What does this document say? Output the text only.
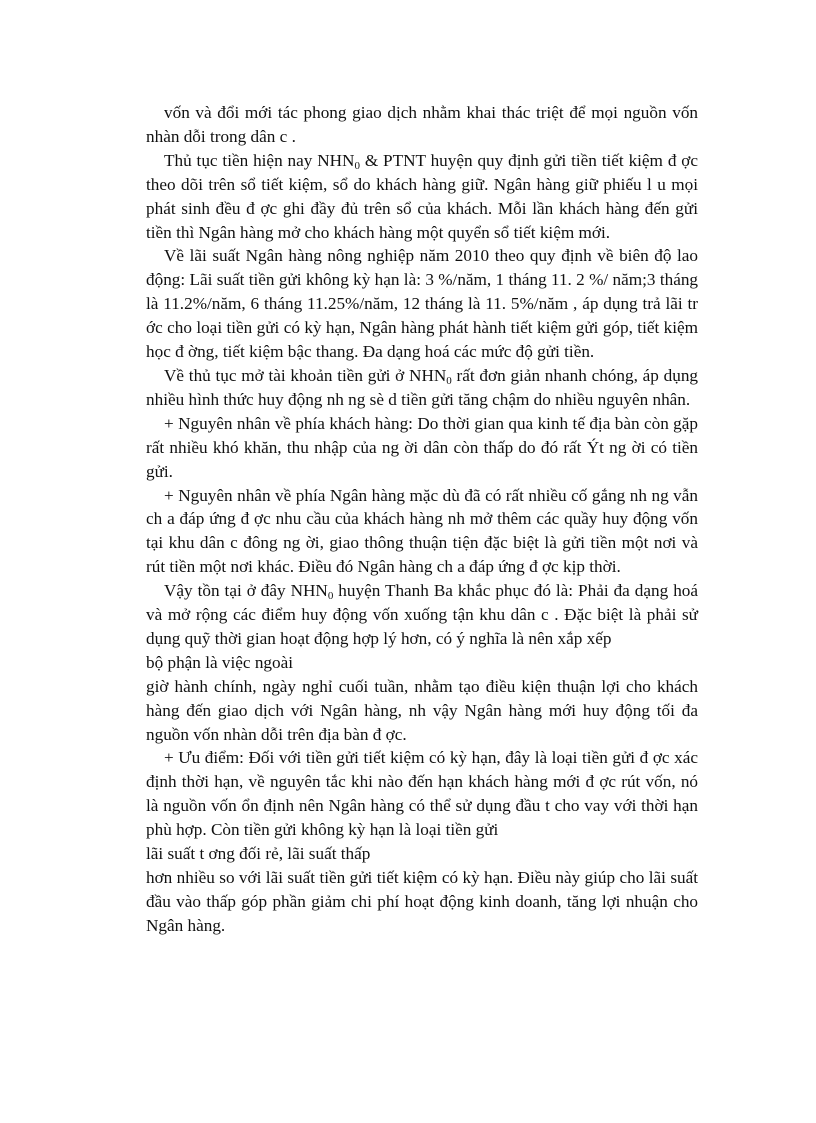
vốn và đổi mới tác phong giao dịch nhằm khai thác triệt để mọi nguồn vốn nhàn dỗi trong dân c .

Thủ tục tiền hiện nay $NHN_0$ & PTNT huyện quy định gửi tiền tiết kiệm đ ợc theo dõi trên sổ tiết kiệm, sổ do khách hàng giữ. Ngân hàng giữ phiếu l u mọi phát sinh đều đ ợc ghi đầy đủ trên sổ của khách. Mỗi lần khách hàng đến gửi tiền thì Ngân hàng mở cho khách hàng một quyển sổ tiết kiệm mới.

Về lãi suất Ngân hàng nông nghiệp năm 2010 theo quy định về biên độ lao động: Lãi suất tiền gửi không kỳ hạn là: 3 %/năm, 1 tháng 11. 2 %/ năm;3 tháng là 11.2%/năm, 6 tháng 11.25%/năm, 12 tháng là 11. 5%/năm , áp dụng trả lãi tr ớc cho loại tiền gửi có kỳ hạn, Ngân hàng phát hành tiết kiệm gửi góp, tiết kiệm học đ ờng, tiết kiệm bậc thang. Đa dạng hoá các mức độ gửi tiền.

Về thủ tục mở tài khoản tiền gửi ở $NHN_0$ rất đơn giản nhanh chóng, áp dụng nhiều hình thức huy động nh ng sè d tiền gửi tăng chậm do nhiều nguyên nhân.

+ Nguyên nhân về phía khách hàng: Do thời gian qua kinh tế địa bàn còn gặp rất nhiều khó khăn, thu nhập của ng ời dân còn thấp do đó rất Ýt ng ời có tiền gửi.

+ Nguyên nhân về phía Ngân hàng mặc dù đã có rất nhiều cố gắng nh ng vẫn ch a đáp ứng đ ợc nhu cầu của khách hàng nh mở thêm các quầy huy động vốn tại khu dân c đông ng ời, giao thông thuận tiện đặc biệt là gửi tiền một nơi và rút tiền một nơi khác. Điều đó Ngân hàng ch a đáp ứng đ ợc kịp thời.

Vậy tồn tại ở đây $NHN_0$ huyện Thanh Ba khắc phục đó là: Phải đa dạng hoá và mở rộng các điểm huy động vốn xuống tận khu dân c . Đặc biệt là phải sử dụng quỹ thời gian hoạt động hợp lý hơn, có ý nghĩa là nên xắp xếp
bộ phận là việc ngoài

giờ hành chính, ngày nghỉ cuối tuần, nhằm tạo điều kiện thuận lợi cho khách hàng đến giao dịch với Ngân hàng, nh vậy Ngân hàng mới huy động tối đa nguồn vốn nhàn dỗi trên địa bàn đ ợc.

+ Ưu điểm: Đối với tiền gửi tiết kiệm có kỳ hạn, đây là loại tiền gửi đ ợc xác định thời hạn, về nguyên tắc khi nào đến hạn khách hàng mới đ ợc rút vốn, nó là nguồn vốn ổn định nên Ngân hàng có thể sử dụng đầu t cho vay với thời hạn phù hợp. Còn tiền gửi không kỳ hạn là loại tiền gửi
lãi suất t ơng đối rẻ, lãi suất thấp

hơn nhiều so với lãi suất tiền gửi tiết kiệm có kỳ hạn. Điều này giúp cho lãi suất đầu vào thấp góp phần giảm chi phí hoạt động kinh doanh, tăng lợi nhuận cho Ngân hàng.
